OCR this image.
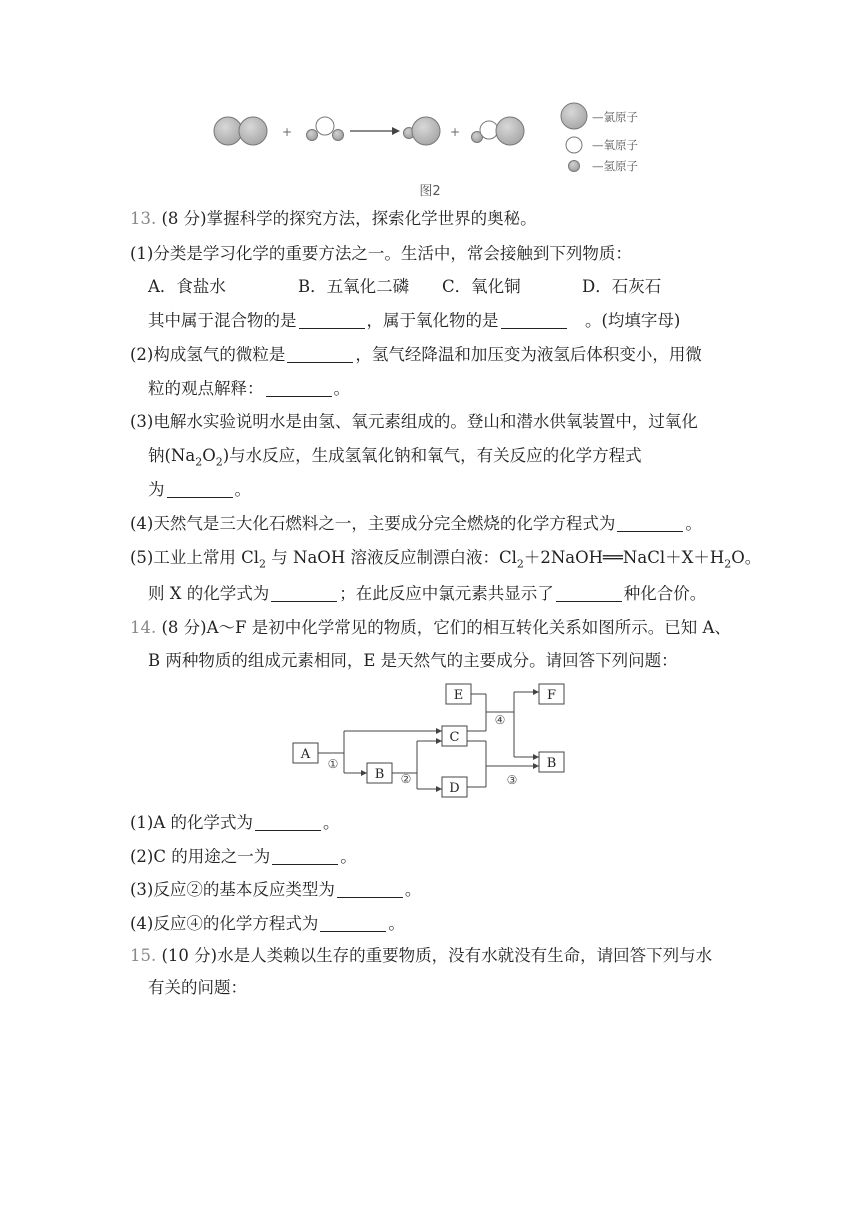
+	+
—氯原子
—氧原子
—氢原子
图2
13. (8 分)掌握科学的探究方法，探索化学世界的奥秘。
(1)分类是学习化学的重要方法之一。生活中，常会接触到下列物质：
A．食盐水	B．五氧化二磷 C．氧化铜	D．石灰石
其中属于混合物的是	，属于氧化物的是	　。(均填字母)
(2)构成氢气的微粒是	，氢气经降温和加压变为液氢后体积变小，用微
粒的观点解释：	。
(3)电解水实验说明水是由氢、氧元素组成的。登山和潜水供氧装置中，过氧化
钠$(Na_2O_2)$与水反应，生成氢氧化钠和氧气，有关反应的化学方程式
为	。
(4)天然气是三大化石燃料之一，主要成分完全燃烧的化学方程式为	。
(5)工业上常用 $Cl_2$ 与 NaOH 溶液反应制漂白液：$Cl_2+2NaOH══NaCl+X+H_2O$。
则 X 的化学式为	；在此反应中氯元素共显示了	种化合价。
14. (8 分)A～F 是初中化学常见的物质，它们的相互转化关系如图所示。已知 A、
B 两种物质的组成元素相同，E 是天然气的主要成分。请回答下列问题：
A
B
C
D
E	F
B
①
②	③
④
(1)A 的化学式为	。
(2)C 的用途之一为	。
(3)反应②的基本反应类型为	。
(4)反应④的化学方程式为	。
15. (10 分)水是人类赖以生存的重要物质，没有水就没有生命，请回答下列与水
有关的问题：
